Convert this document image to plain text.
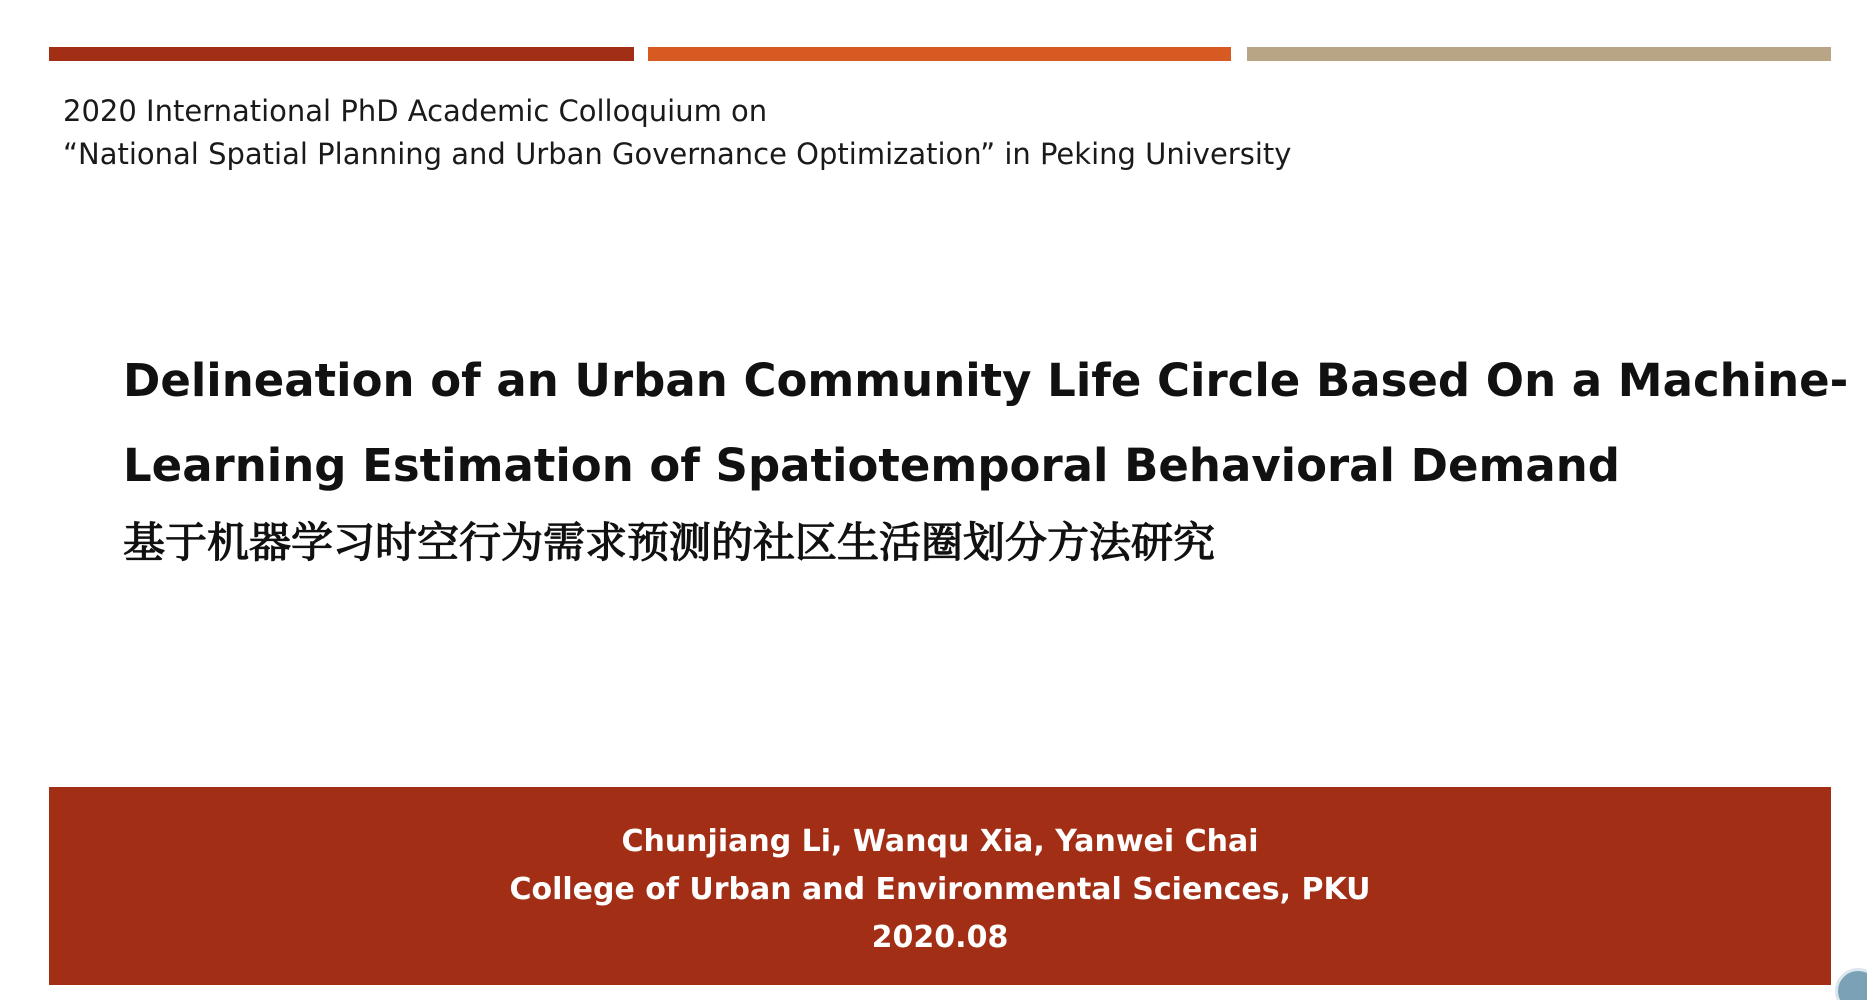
2020 International PhD Academic Colloquium on
“National Spatial Planning and Urban Governance Optimization” in Peking University
Delineation of an Urban Community Life Circle Based On a Machine-
Learning Estimation of Spatiotemporal Behavioral Demand
基于机器学习时空行为需求预测的社区生活圈划分方法研究
Chunjiang Li, Wanqu Xia, Yanwei Chai
College of Urban and Environmental Sciences, PKU
2020.08
